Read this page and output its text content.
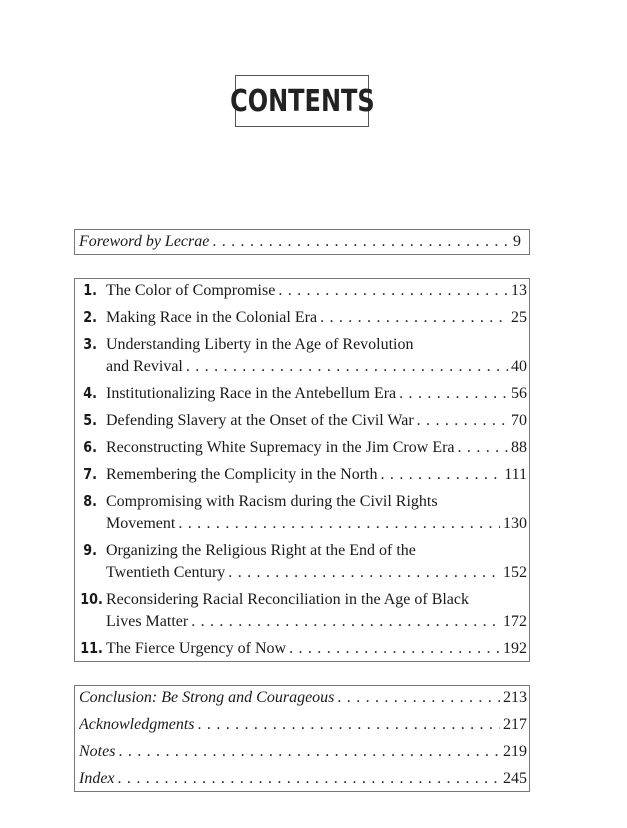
CONTENTS
Foreword by Lecrae . . .	9
1. The Color of Compromise . . .	13
2. Making Race in the Colonial Era . . .	25
3. Understanding Liberty in the Age of Revolution
and Revival . . .	40
4. Institutionalizing Race in the Antebellum Era . . .	56
5. Defending Slavery at the Onset of the Civil War . . .	70
6. Reconstructing White Supremacy in the Jim Crow Era . . .	88
7. Remembering the Complicity in the North . . .	111
8. Compromising with Racism during the Civil Rights
Movement . . .	130
9. Organizing the Religious Right at the End of the
Twentieth Century . . .	152
10. Reconsidering Racial Reconciliation in the Age of Black
Lives Matter . . .	172
11. The Fierce Urgency of Now . . .	192
Conclusion: Be Strong and Courageous . . .	213
Acknowledgments . . .	217
Notes . . .	219
Index . . .	245
